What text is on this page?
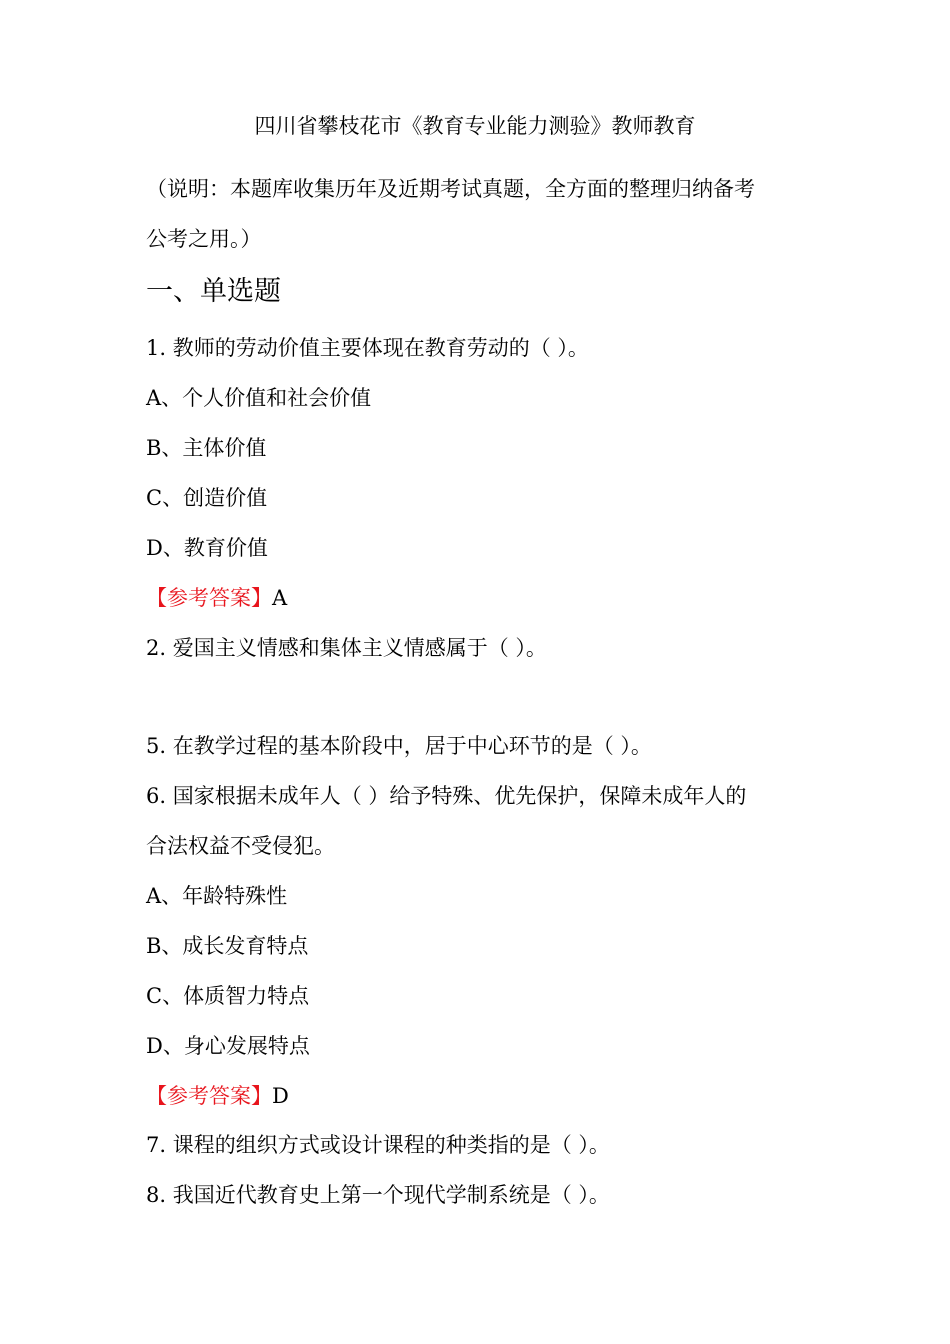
四川省攀枝花市《教育专业能力测验》教师教育
（说明：本题库收集历年及近期考试真题，全方面的整理归纳备考
公考之用。）
一、单选题
1. 教师的劳动价值主要体现在教育劳动的（ ）。
A、个人价值和社会价值
B、主体价值
C、创造价值
D、教育价值
【参考答案】A
2. 爱国主义情感和集体主义情感属于（ ）。
5. 在教学过程的基本阶段中，居于中心环节的是（ ）。
6. 国家根据未成年人（ ）给予特殊、优先保护，保障未成年人的
合法权益不受侵犯。
A、年龄特殊性
B、成长发育特点
C、体质智力特点
D、身心发展特点
【参考答案】D
7. 课程的组织方式或设计课程的种类指的是（ ）。
8. 我国近代教育史上第一个现代学制系统是（ ）。
